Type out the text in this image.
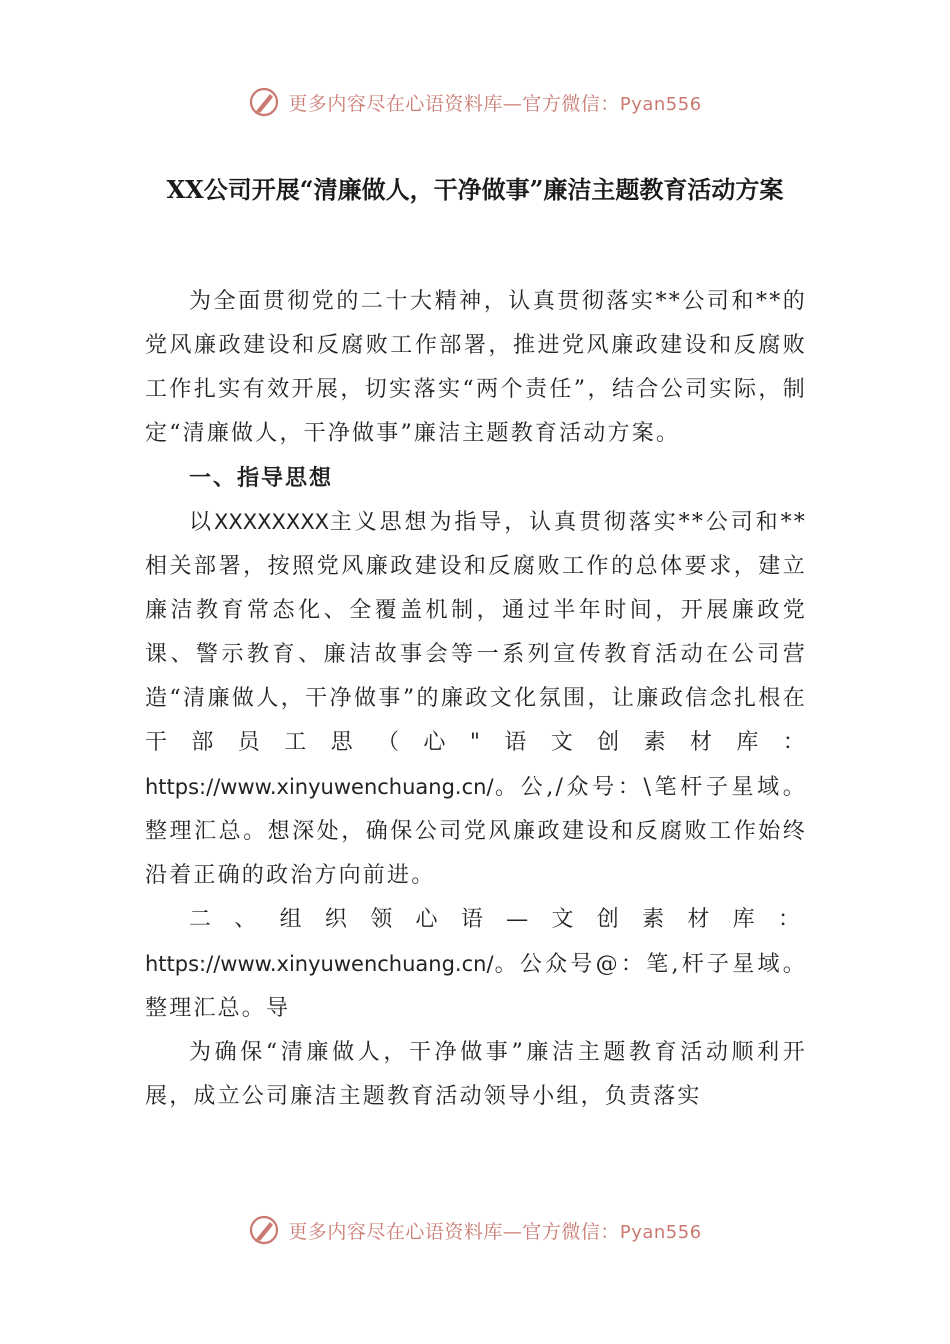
更多内容尽在心语资料库—官方微信：Pyan556
XX公司开展“清廉做人，干净做事”廉洁主题教育活动方案

为全面贯彻党的二十大精神，认真贯彻落实**公司和**的党风廉政建设和反腐败工作部署，推进党风廉政建设和反腐败工作扎实有效开展，切实落实“两个责任”，结合公司实际，制定“清廉做人，干净做事”廉洁主题教育活动方案。

一、指导思想

以XXXXXXXX主义思想为指导，认真贯彻落实**公司和**相关部署，按照党风廉政建设和反腐败工作的总体要求，建立廉洁教育常态化、全覆盖机制，通过半年时间，开展廉政党课、警示教育、廉洁故事会等一系列宣传教育活动在公司营造“清廉做人，干净做事”的廉政文化氛围，让廉政信念扎根在干部员工思（心"语文创素材库：https://www.xinyuwenchuang.cn/。公,/众号：\笔杆子星域。整理汇总。想深处，确保公司党风廉政建设和反腐败工作始终沿着正确的政治方向前进。

二、组织领心语—文创素材库：https://www.xinyuwenchuang.cn/。公众号@：笔,杆子星域。整理汇总。导

为确保“清廉做人，干净做事”廉洁主题教育活动顺利开展，成立公司廉洁主题教育活动领导小组，负责落实

更多内容尽在心语资料库—官方微信：Pyan556
